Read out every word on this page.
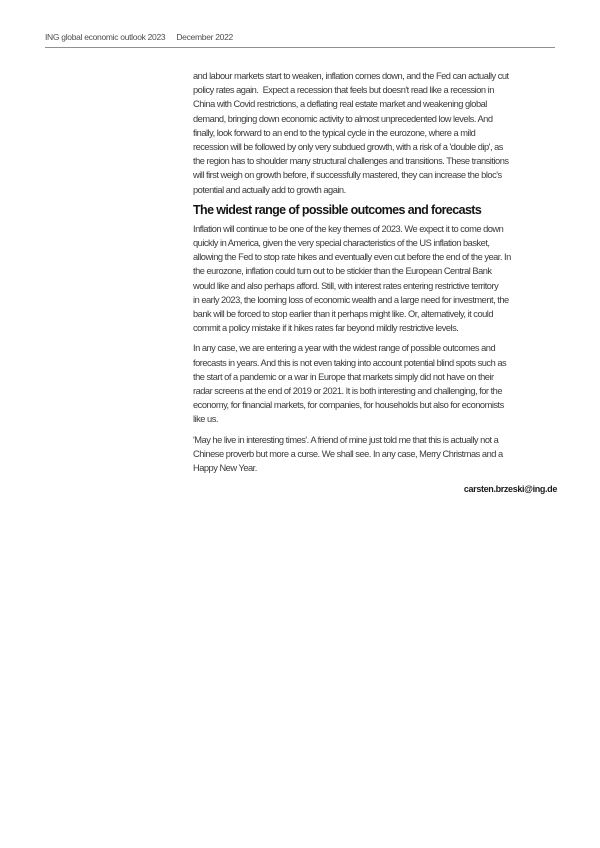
ING global economic outlook 2023 December 2022
and labour markets start to weaken, inflation comes down, and the Fed can actually cut
policy rates again.  Expect a recession that feels but doesn't read like a recession in
China with Covid restrictions, a deflating real estate market and weakening global
demand, bringing down economic activity to almost unprecedented low levels. And
finally, look forward to an end to the typical cycle in the eurozone, where a mild
recession will be followed by only very subdued growth, with a risk of a 'double dip', as
the region has to shoulder many structural challenges and transitions. These transitions
will first weigh on growth before, if successfully mastered, they can increase the bloc's
potential and actually add to growth again.
The widest range of possible outcomes and forecasts
Inflation will continue to be one of the key themes of 2023. We expect it to come down
quickly in America, given the very special characteristics of the US inflation basket,
allowing the Fed to stop rate hikes and eventually even cut before the end of the year. In
the eurozone, inflation could turn out to be stickier than the European Central Bank
would like and also perhaps afford. Still, with interest rates entering restrictive territory
in early 2023, the looming loss of economic wealth and a large need for investment, the
bank will be forced to stop earlier than it perhaps might like. Or, alternatively, it could
commit a policy mistake if it hikes rates far beyond mildly restrictive levels.
In any case, we are entering a year with the widest range of possible outcomes and
forecasts in years. And this is not even taking into account potential blind spots such as
the start of a pandemic or a war in Europe that markets simply did not have on their
radar screens at the end of 2019 or 2021. It is both interesting and challenging, for the
economy, for financial markets, for companies, for households but also for economists
like us.
'May he live in interesting times'. A friend of mine just told me that this is actually not a
Chinese proverb but more a curse. We shall see. In any case, Merry Christmas and a
Happy New Year.
carsten.brzeski@ing.de
